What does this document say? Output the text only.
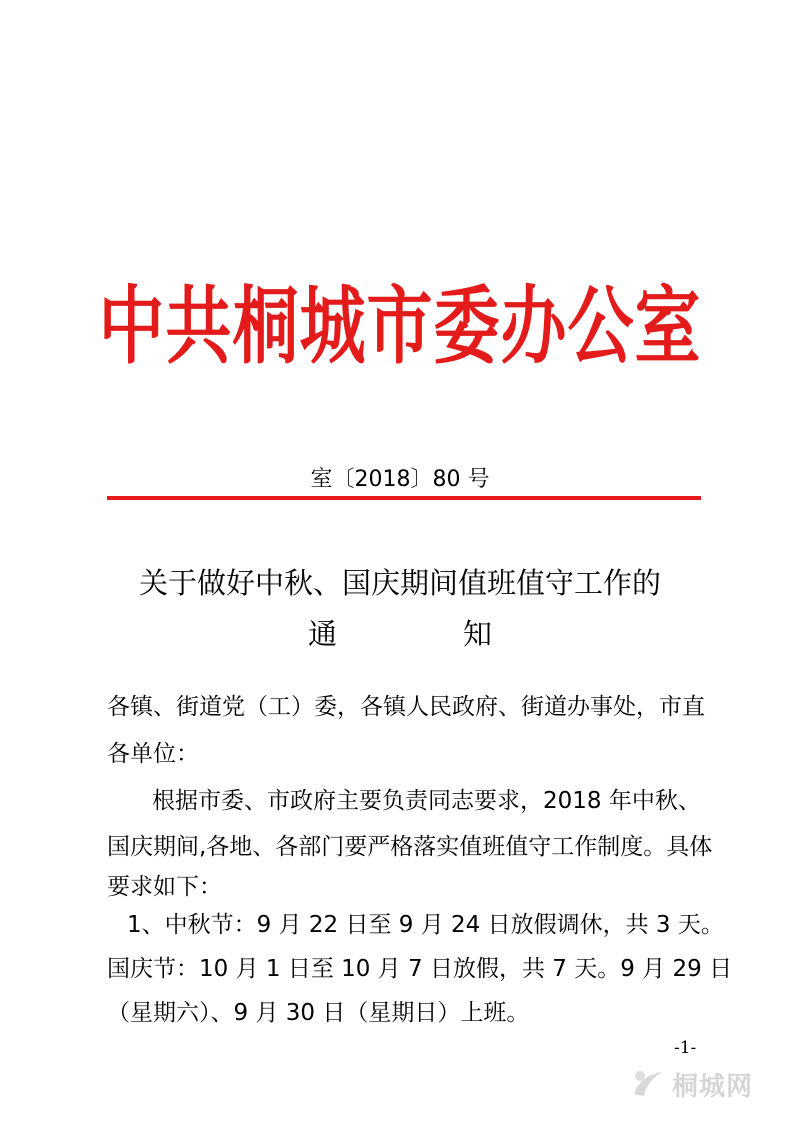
中共桐城市委办公室
室〔2018〕80 号
关于做好中秋、国庆期间值班值守工作的
通	知
各镇、街道党（工）委，各镇人民政府、街道办事处，市直
各单位：
根据市委、市政府主要负责同志要求，2018 年中秋、
国庆期间,各地、各部门要严格落实值班值守工作制度。具体
要求如下：
1、中秋节：9 月 22 日至 9 月 24 日放假调休，共 3 天。
国庆节：10 月 1 日至 10 月 7 日放假，共 7 天。9 月 29 日
（星期六）、9 月 30 日（星期日）上班。
-1-
桐城网
